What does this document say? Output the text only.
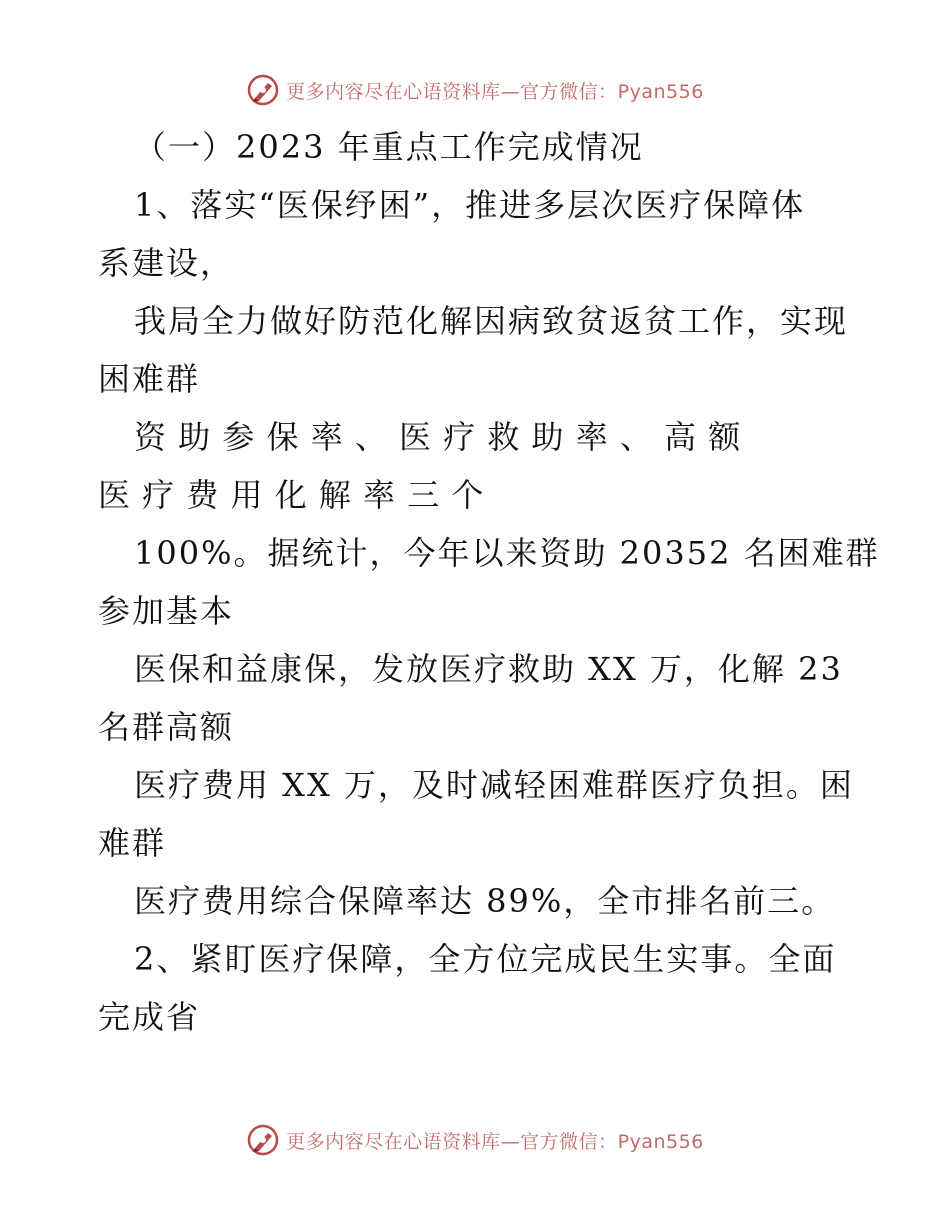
更多内容尽在心语资料库—官方微信：Pyan556

（一）2023 年重点工作完成情况

1、落实“医保纾困”，推进多层次医疗保障体

系建设，

我局全力做好防范化解因病致贫返贫工作，实现

困难群

资 助 参 保 率 、 医 疗 救 助 率 、 高 额

医 疗 费 用 化 解 率 三 个

100%。据统计，今年以来资助 20352 名困难群

参加基本

医保和益康保，发放医疗救助 XX 万，化解 23

名群高额

医疗费用 XX 万，及时减轻困难群医疗负担。困

难群

医疗费用综合保障率达 89%，全市排名前三。

2、紧盯医疗保障，全方位完成民生实事。全面

完成省

更多内容尽在心语资料库—官方微信：Pyan556
